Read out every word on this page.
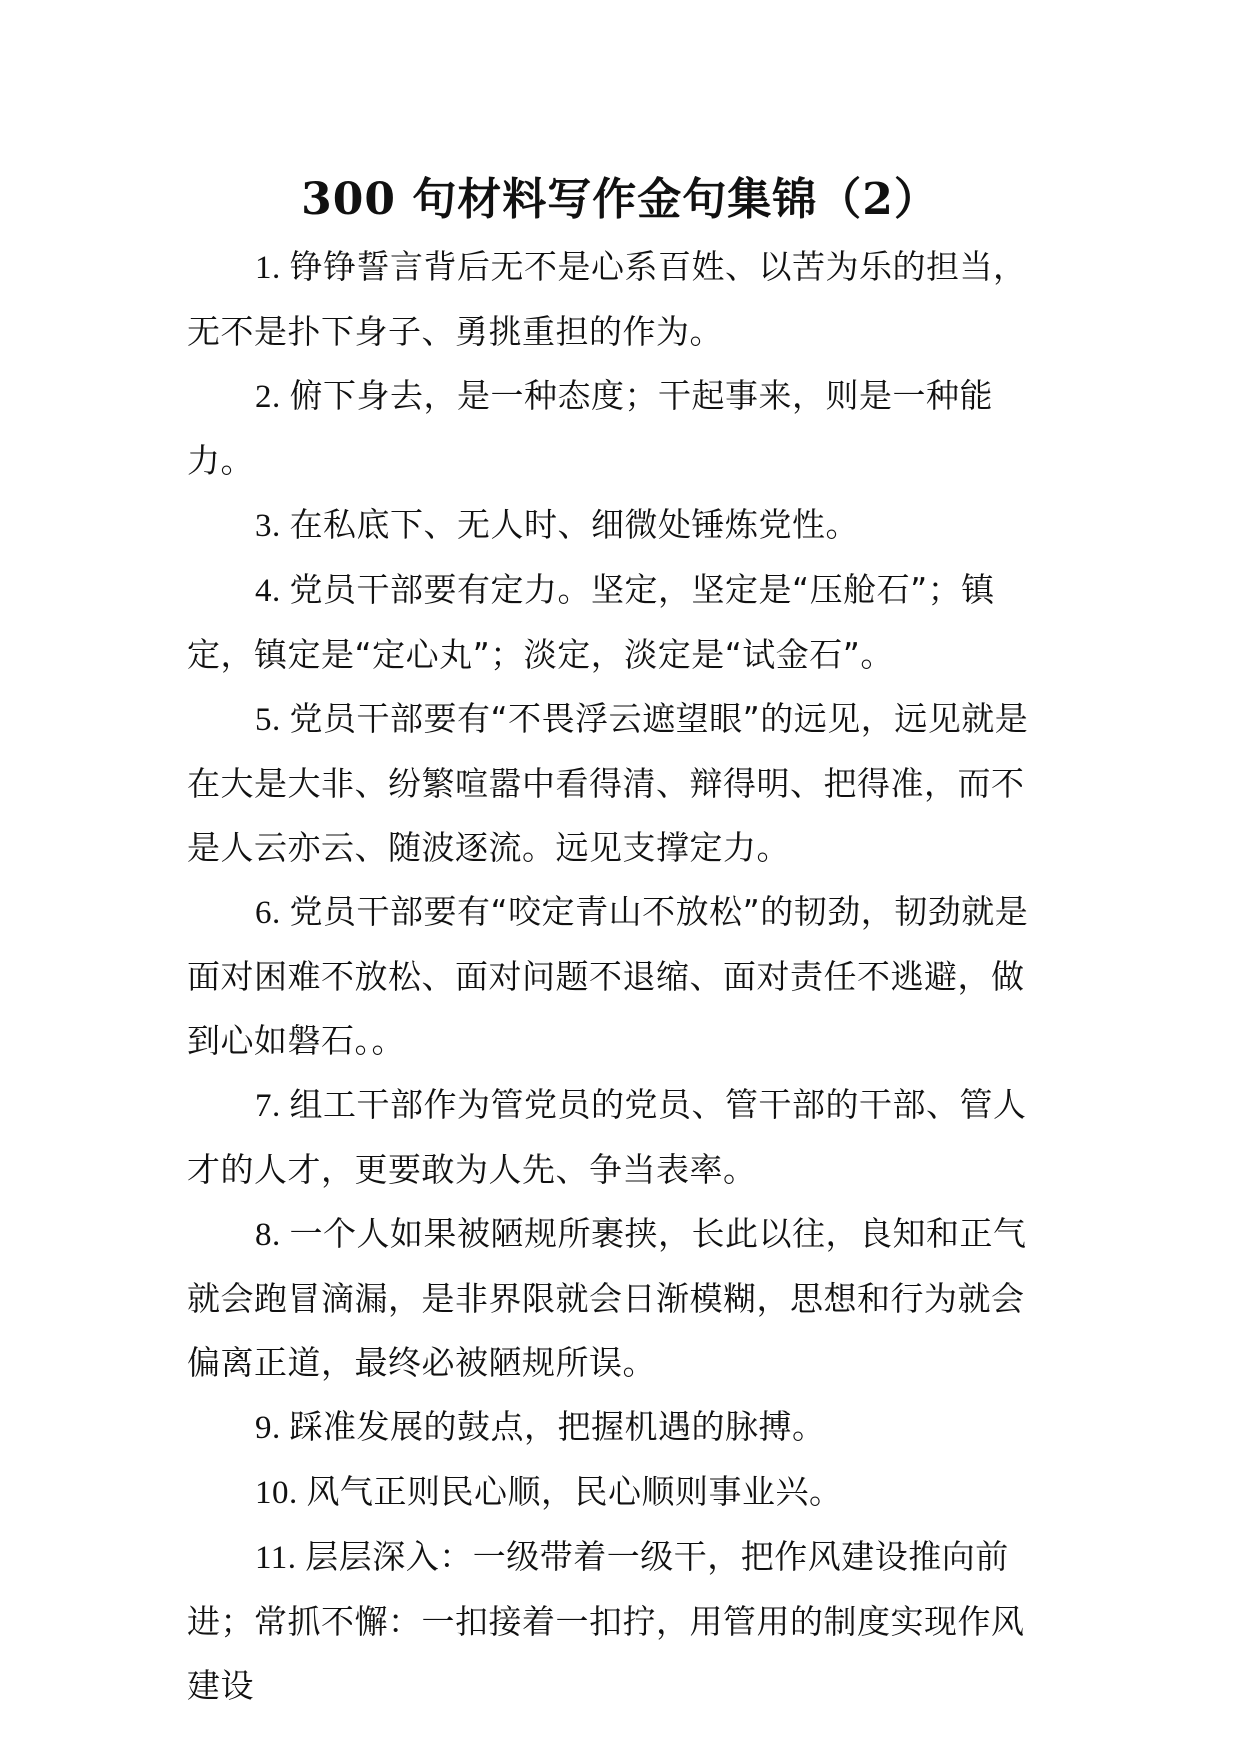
300 句材料写作金句集锦（2）

1. 铮铮誓言背后无不是心系百姓、以苦为乐的担当，无不是扑下身子、勇挑重担的作为。

2. 俯下身去，是一种态度；干起事来，则是一种能力。

3. 在私底下、无人时、细微处锤炼党性。

4. 党员干部要有定力。坚定，坚定是“压舱石”；镇定，镇定是“定心丸”；淡定，淡定是“试金石”。

5. 党员干部要有“不畏浮云遮望眼”的远见，远见就是在大是大非、纷繁喧嚣中看得清、辩得明、把得准，而不是人云亦云、随波逐流。远见支撑定力。

6. 党员干部要有“咬定青山不放松”的韧劲，韧劲就是面对困难不放松、面对问题不退缩、面对责任不逃避，做到心如磐石。。

7. 组工干部作为管党员的党员、管干部的干部、管人才的人才，更要敢为人先、争当表率。

8. 一个人如果被陋规所裹挟，长此以往，良知和正气就会跑冒滴漏，是非界限就会日渐模糊，思想和行为就会偏离正道，最终必被陋规所误。

9. 踩准发展的鼓点，把握机遇的脉搏。

10. 风气正则民心顺，民心顺则事业兴。

11. 层层深入：一级带着一级干，把作风建设推向前进；常抓不懈：一扣接着一扣拧，用管用的制度实现作风建设
